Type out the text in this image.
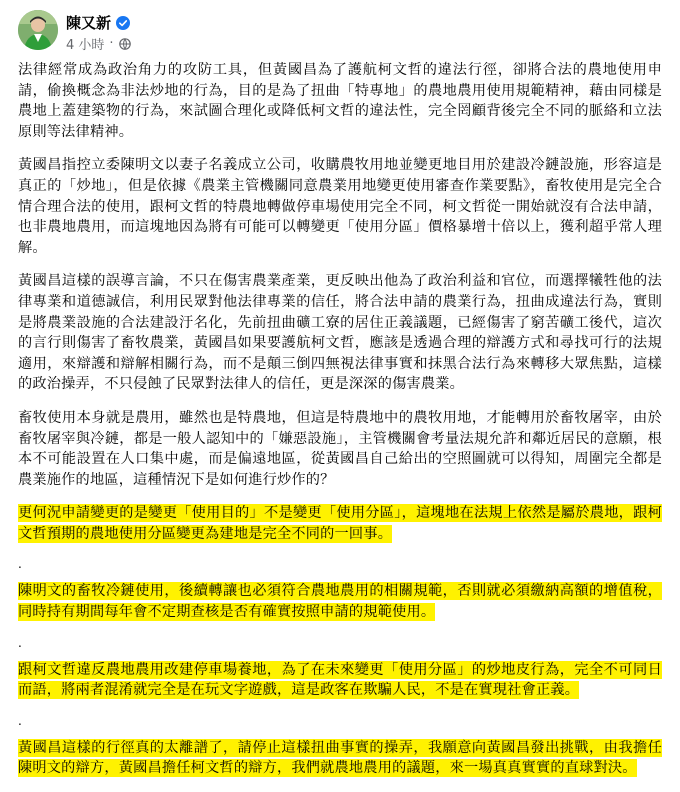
陳又新
4 小時 ·

法律經常成為政治角力的攻防工具，但黃國昌為了護航柯文哲的違法行徑，卻將合法的農地使用申請，偷換概念為非法炒地的行為，目的是為了扭曲「特專地」的農地農用使用規範精神，藉由同樣是農地上蓋建築物的行為，來試圖合理化或降低柯文哲的違法性，完全罔顧背後完全不同的脈絡和立法原則等法律精神。

黃國昌指控立委陳明文以妻子名義成立公司，收購農牧用地並變更地目用於建設冷鏈設施，形容這是真正的「炒地」，但是依據《農業主管機關同意農業用地變更使用審查作業要點》，畜牧使用是完全合情合理合法的使用，跟柯文哲的特農地轉做停車場使用完全不同，柯文哲從一開始就沒有合法申請，也非農地農用，而這塊地因為將有可能可以轉變更「使用分區」價格暴增十倍以上，獲利超乎常人理解。

黃國昌這樣的誤導言論，不只在傷害農業產業，更反映出他為了政治利益和官位，而選擇犧牲他的法律專業和道德誠信，利用民眾對他法律專業的信任，將合法申請的農業行為，扭曲成違法行為，實則是將農業設施的合法建設汙名化，先前扭曲礦工寮的居住正義議題，已經傷害了窮苦礦工後代，這次的言行則傷害了畜牧農業，黃國昌如果要護航柯文哲，應該是透過合理的辯護方式和尋找可行的法規適用，來辯護和辯解相關行為，而不是顛三倒四無視法律事實和抹黑合法行為來轉移大眾焦點，這樣的政治操弄，不只侵蝕了民眾對法律人的信任，更是深深的傷害農業。

畜牧使用本身就是農用，雖然也是特農地，但這是特農地中的農牧用地，才能轉用於畜牧屠宰，由於畜牧屠宰與冷鏈，都是一般人認知中的「嫌惡設施」，主管機關會考量法規允許和鄰近居民的意願，根本不可能設置在人口集中處，而是偏遠地區，從黃國昌自己給出的空照圖就可以得知，周圍完全都是農業施作的地區，這種情況下是如何進行炒作的？

更何況申請變更的是變更「使用目的」不是變更「使用分區」，這塊地在法規上依然是屬於農地，跟柯文哲預期的農地使用分區變更為建地是完全不同的一回事。

.

陳明文的畜牧冷鏈使用，後續轉讓也必須符合農地農用的相關規範，否則就必須繳納高額的增值稅，同時持有期間每年會不定期查核是否有確實按照申請的規範使用。

.

跟柯文哲違反農地農用改建停車場養地，為了在未來變更「使用分區」的炒地皮行為，完全不可同日而語，將兩者混淆就完全是在玩文字遊戲，這是政客在欺騙人民，不是在實現社會正義。

.

黃國昌這樣的行徑真的太離譜了，請停止這樣扭曲事實的操弄，我願意向黃國昌發出挑戰，由我擔任陳明文的辯方，黃國昌擔任柯文哲的辯方，我們就農地農用的議題，來一場真真實實的直球對決。
